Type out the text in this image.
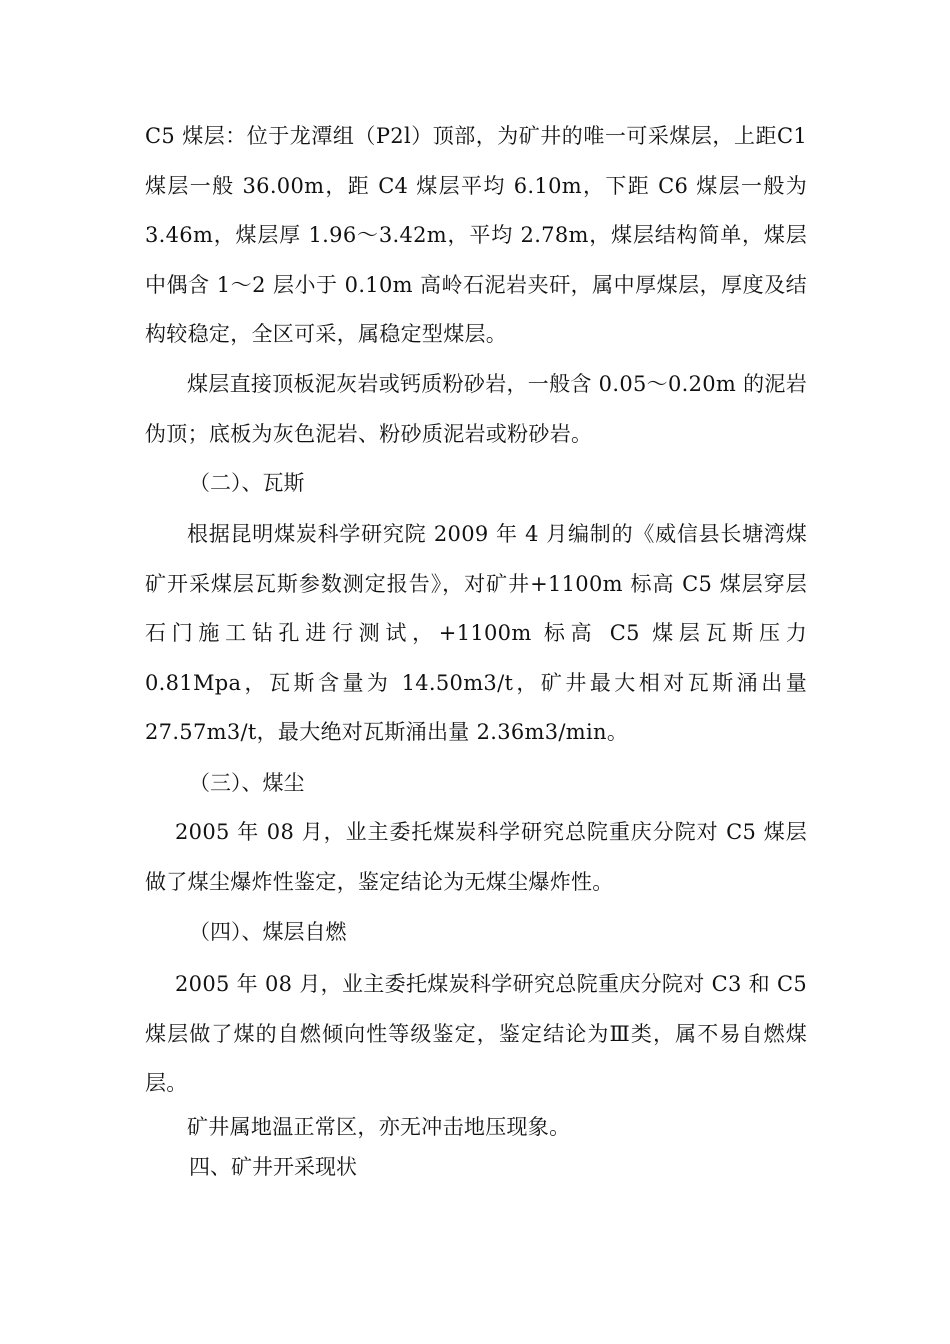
C5 煤层：位于龙潭组（P2l）顶部，为矿井的唯一可采煤层，上距C1 煤层一般 36.00m，距 C4 煤层平均 6.10m，下距 C6 煤层一般为 3.46m，煤层厚 1.96～3.42m，平均 2.78m，煤层结构简单，煤层中偶含 1～2 层小于 0.10m 高岭石泥岩夹矸，属中厚煤层，厚度及结构较稳定，全区可采，属稳定型煤层。

煤层直接顶板泥灰岩或钙质粉砂岩，一般含 0.05～0.20m 的泥岩伪顶；底板为灰色泥岩、粉砂质泥岩或粉砂岩。

（二）、瓦斯

根据昆明煤炭科学研究院 2009 年 4 月编制的《威信县长塘湾煤矿开采煤层瓦斯参数测定报告》，对矿井+1100m 标高 C5 煤层穿层石门施工钻孔进行测试，+1100m 标高 C5 煤层瓦斯压力 0.81Mpa，瓦斯含量为 14.50m3/t，矿井最大相对瓦斯涌出量 27.57m3/t，最大绝对瓦斯涌出量 2.36m3/min。

（三）、煤尘

2005 年 08 月，业主委托煤炭科学研究总院重庆分院对 C5 煤层做了煤尘爆炸性鉴定，鉴定结论为无煤尘爆炸性。

（四）、煤层自燃

2005 年 08 月，业主委托煤炭科学研究总院重庆分院对 C3 和 C5 煤层做了煤的自燃倾向性等级鉴定，鉴定结论为Ⅲ类，属不易自燃煤层。

矿井属地温正常区，亦无冲击地压现象。

四、矿井开采现状
